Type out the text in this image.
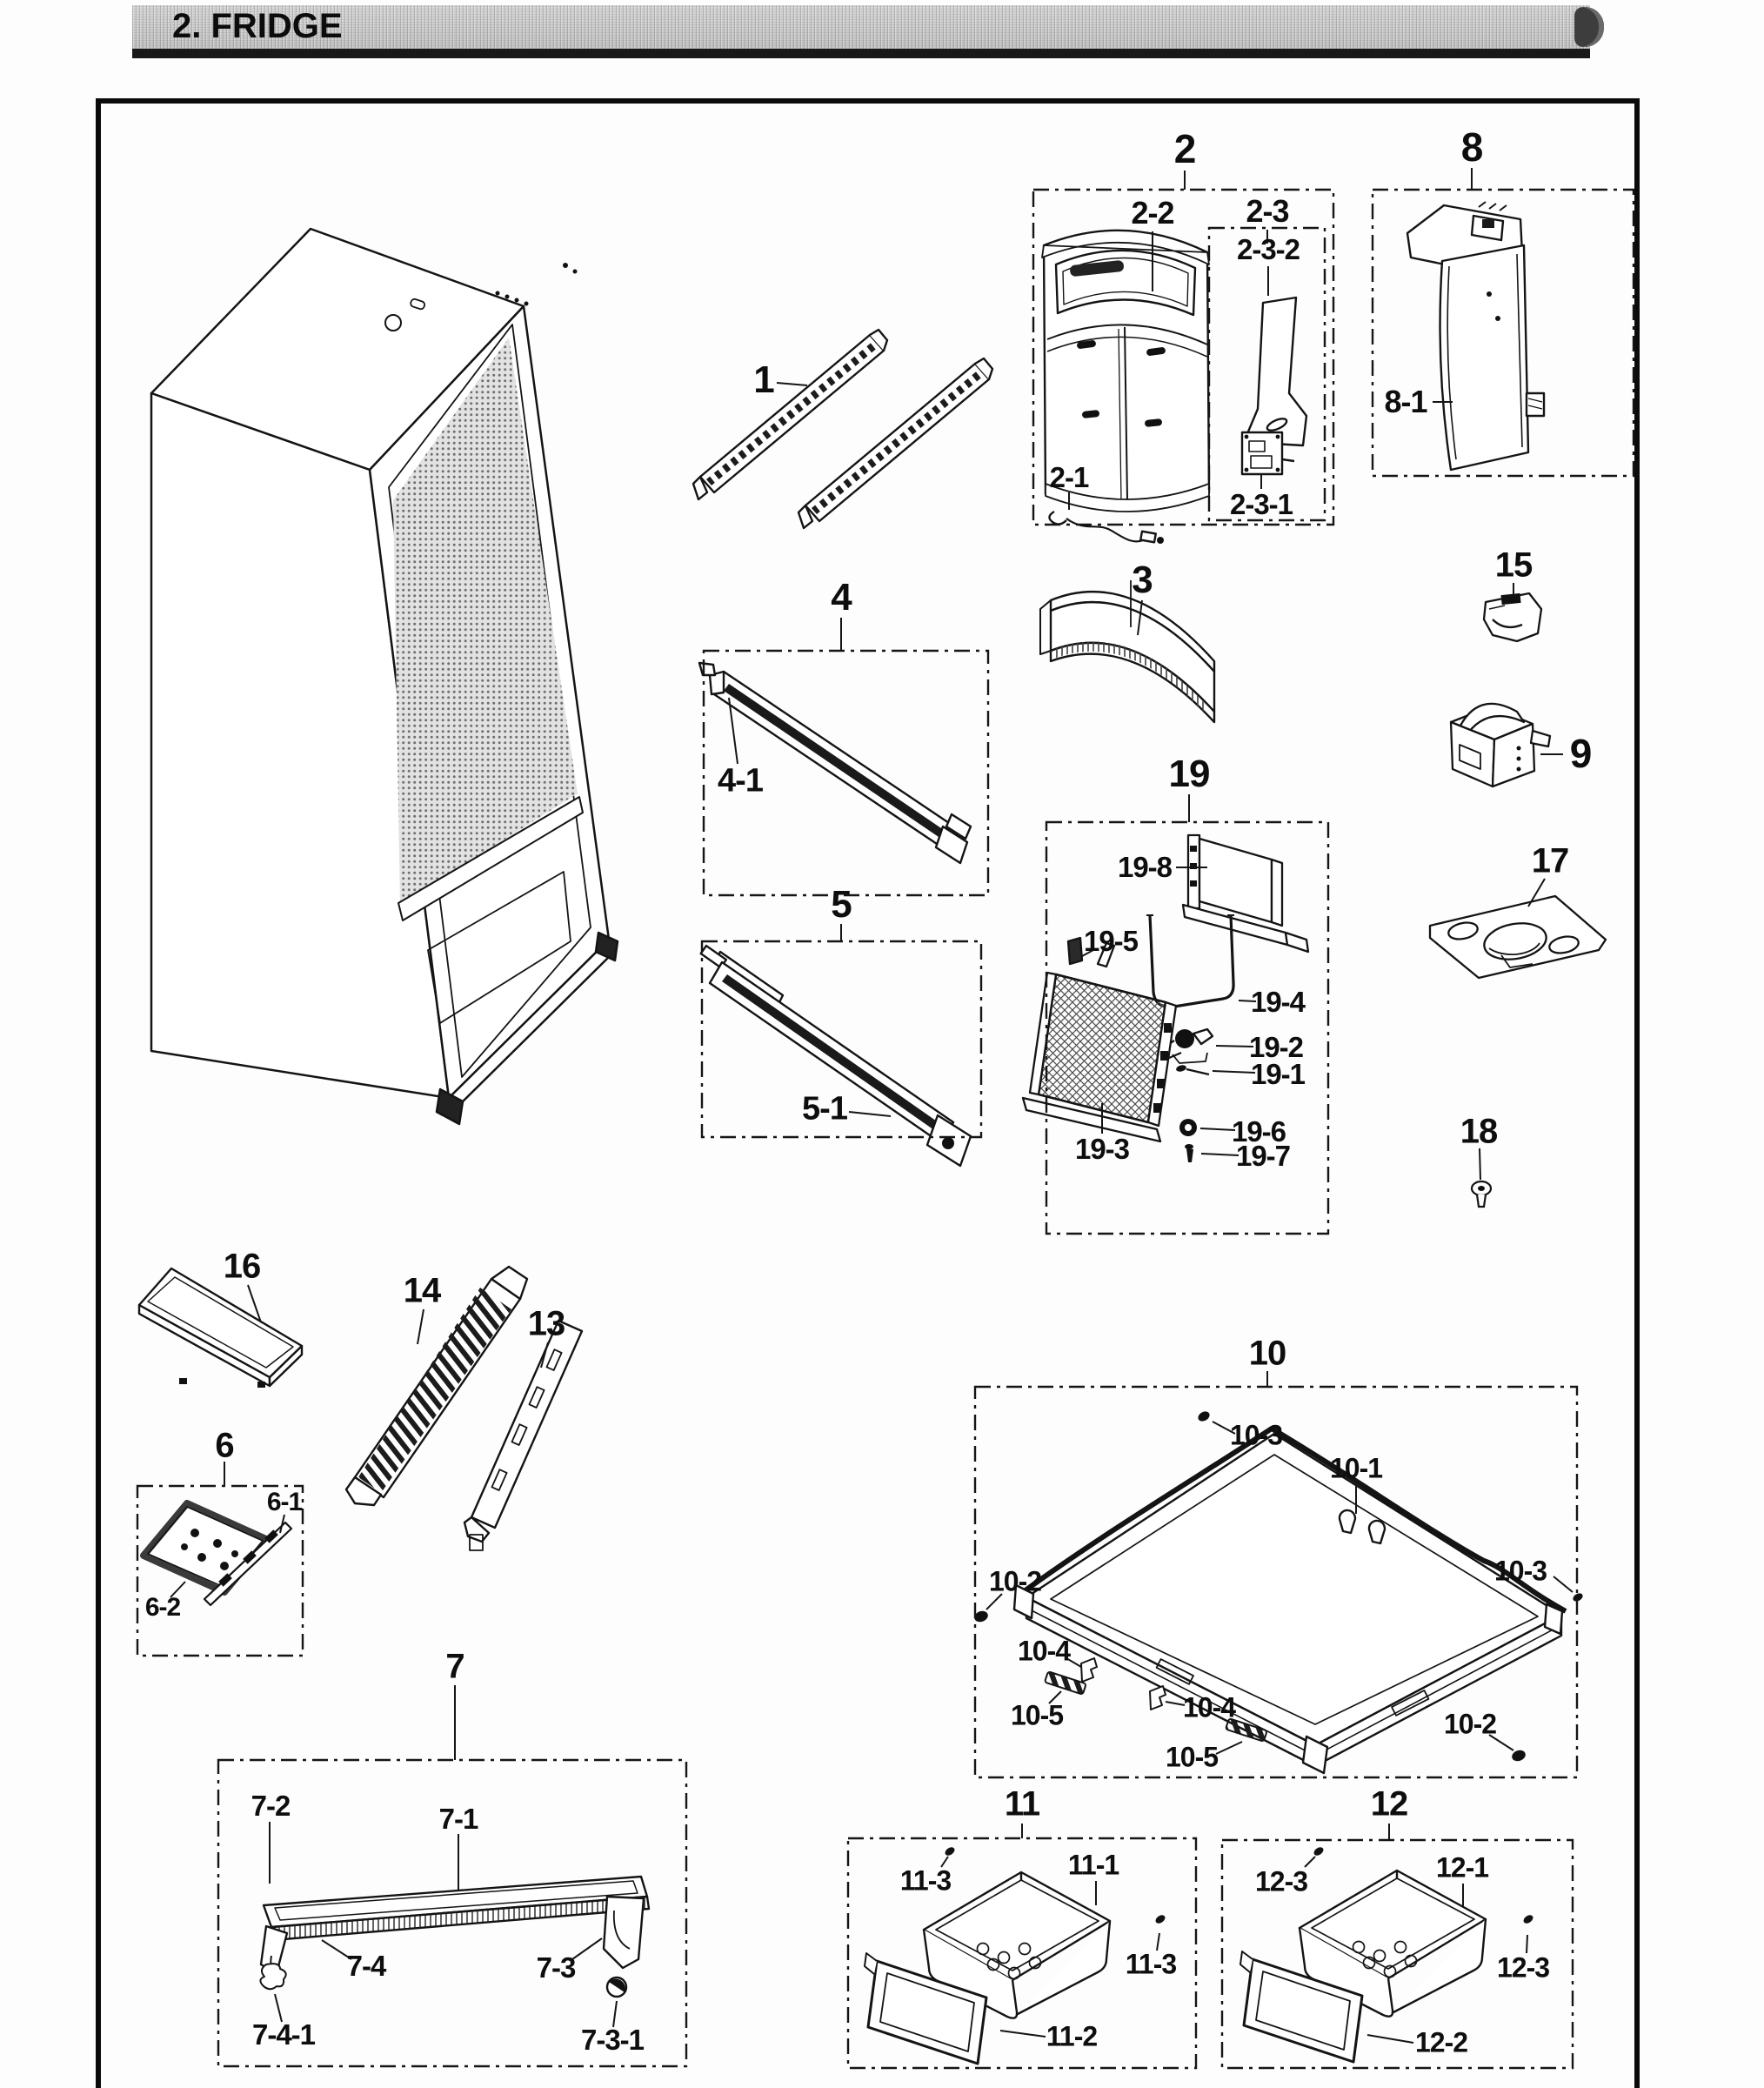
2. FRIDGE
1
2
2-2 2-3
2-3-2
2-1
2-3-1
8
8-1
4
4-1
3
19
19-8
19-5
19-4
19-2
19-1
19-3
19-6
19-7
5
5-1
15
9
17
18
16
14
13
6
6-1
6-2
7
7-2	7-1
7-4
7-4-1
7-3
7-3-1
10
10-3
10-1
10-3
10-2
10-4
10-5	10-4
10-5
10-2
11
11-3	11-1
11-3
11-2
12
12-3	12-1
12-3
12-2
